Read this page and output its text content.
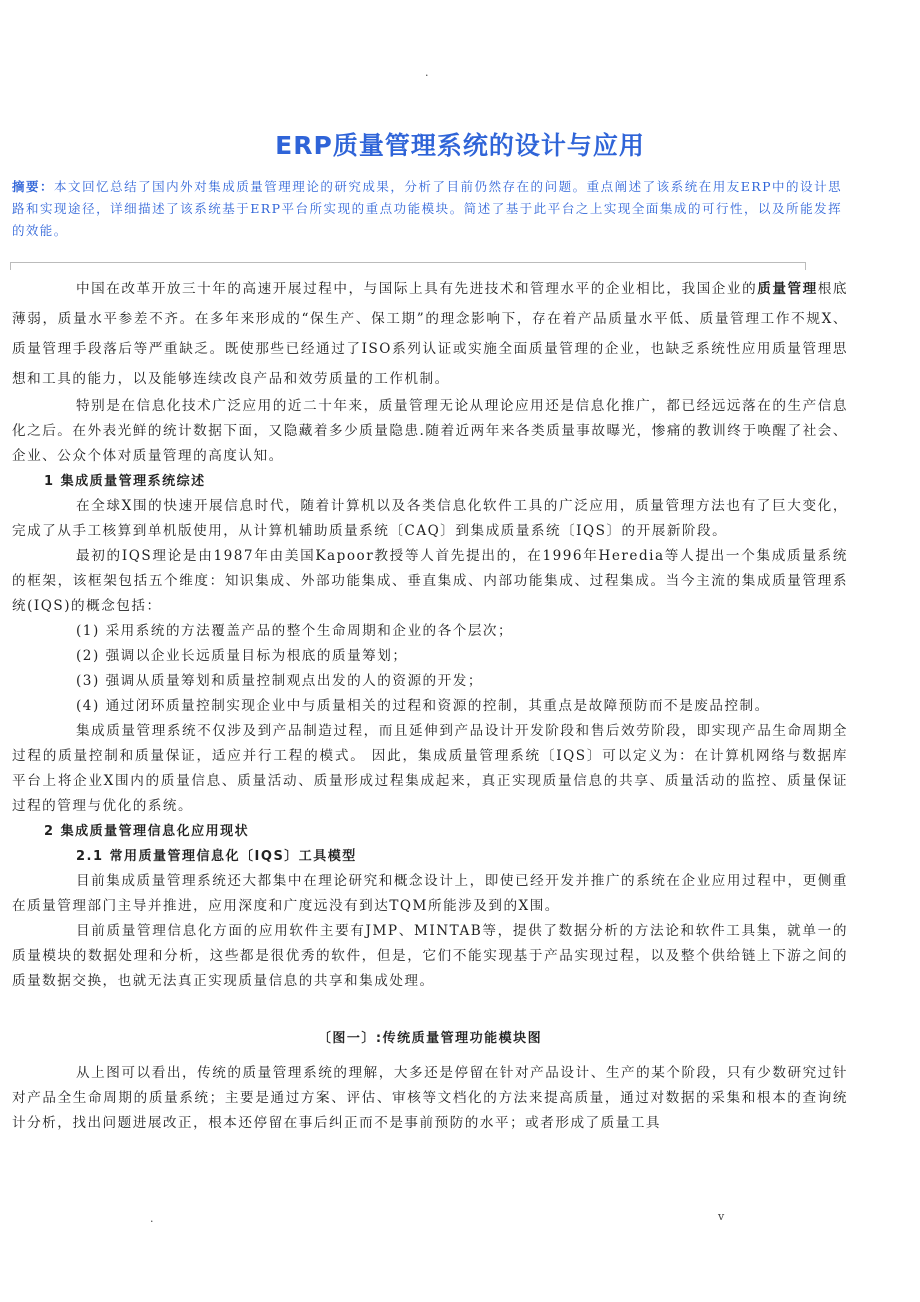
.
ERP质量管理系统的设计与应用
摘要：本文回忆总结了国内外对集成质量管理理论的研究成果，分析了目前仍然存在的问题。重点阐述了该系统在用友ERP中的设计思路和实现途径，详细描述了该系统基于ERP平台所实现的重点功能模块。简述了基于此平台之上实现全面集成的可行性，以及所能发挥的效能。

中国在改革开放三十年的高速开展过程中，与国际上具有先进技术和管理水平的企业相比，我国企业的质量管理根底薄弱，质量水平参差不齐。在多年来形成的“保生产、保工期”的理念影响下，存在着产品质量水平低、质量管理工作不规X、质量管理手段落后等严重缺乏。既使那些已经通过了ISO系列认证或实施全面质量管理的企业，也缺乏系统性应用质量管理思想和工具的能力，以及能够连续改良产品和效劳质量的工作机制。

特别是在信息化技术广泛应用的近二十年来，质量管理无论从理论应用还是信息化推广，都已经远远落在的生产信息化之后。在外表光鲜的统计数据下面，又隐藏着多少质量隐患.随着近两年来各类质量事故曝光，惨痛的教训终于唤醒了社会、企业、公众个体对质量管理的高度认知。

1 集成质量管理系统综述

在全球X围的快速开展信息时代，随着计算机以及各类信息化软件工具的广泛应用，质量管理方法也有了巨大变化，完成了从手工核算到单机版使用，从计算机辅助质量系统〔CAQ〕到集成质量系统〔IQS〕的开展新阶段。

最初的IQS理论是由1987年由美国Kapoor教授等人首先提出的，在1996年Heredia等人提出一个集成质量系统的框架，该框架包括五个维度：知识集成、外部功能集成、垂直集成、内部功能集成、过程集成。当今主流的集成质量管理系统(IQS)的概念包括：

(1) 采用系统的方法覆盖产品的整个生命周期和企业的各个层次；

(2) 强调以企业长远质量目标为根底的质量筹划；

(3) 强调从质量筹划和质量控制观点出发的人的资源的开发；

(4) 通过闭环质量控制实现企业中与质量相关的过程和资源的控制，其重点是故障预防而不是废品控制。

集成质量管理系统不仅涉及到产品制造过程，而且延伸到产品设计开发阶段和售后效劳阶段，即实现产品生命周期全过程的质量控制和质量保证，适应并行工程的模式。 因此，集成质量管理系统〔IQS〕可以定义为：在计算机网络与数据库平台上将企业X围内的质量信息、质量活动、质量形成过程集成起来，真正实现质量信息的共享、质量活动的监控、质量保证过程的管理与优化的系统。

2 集成质量管理信息化应用现状

2.1 常用质量管理信息化〔IQS〕工具模型

目前集成质量管理系统还大都集中在理论研究和概念设计上，即使已经开发并推广的系统在企业应用过程中，更侧重在质量管理部门主导并推进，应用深度和广度远没有到达TQM所能涉及到的X围。

目前质量管理信息化方面的应用软件主要有JMP、MINTAB等，提供了数据分析的方法论和软件工具集，就单一的质量模块的数据处理和分析，这些都是很优秀的软件，但是，它们不能实现基于产品实现过程，以及整个供给链上下游之间的质量数据交换，也就无法真正实现质量信息的共享和集成处理。

〔图一〕:传统质量管理功能模块图

从上图可以看出，传统的质量管理系统的理解，大多还是停留在针对产品设计、生产的某个阶段，只有少数研究过针对产品全生命周期的质量系统；主要是通过方案、评估、审核等文档化的方法来提高质量，通过对数据的采集和根本的查询统计分析，找出问题进展改正，根本还停留在事后纠正而不是事前预防的水平；或者形成了质量工具

.	v
